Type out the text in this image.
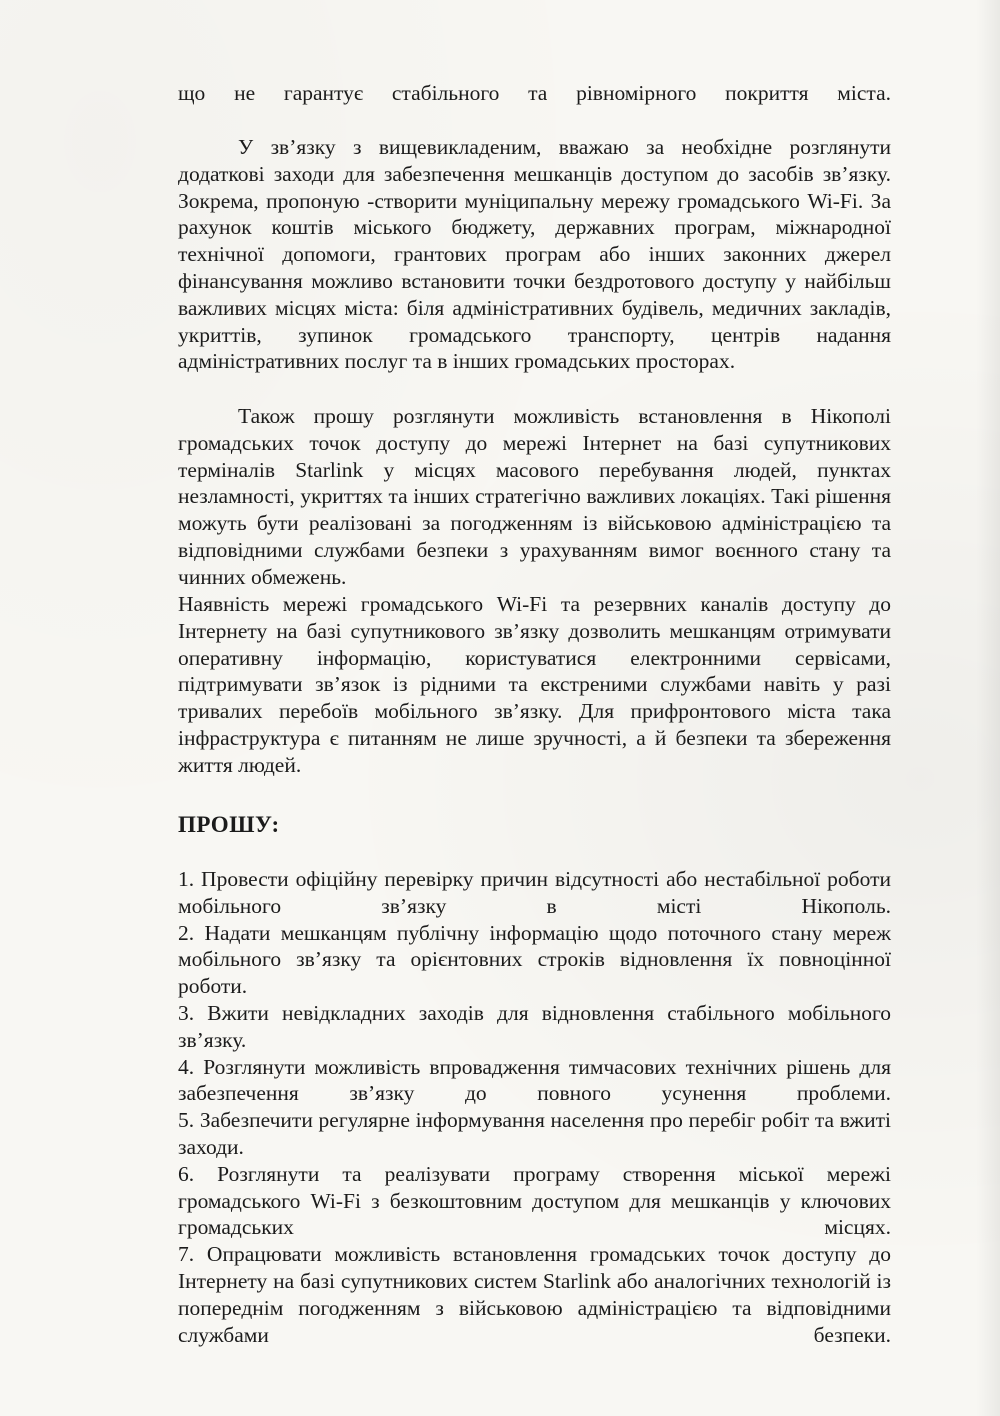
що не гарантує стабільного та рівномірного покриття міста.

У зв’язку з вищевикладеним, вважаю за необхідне розглянути додаткові заходи для забезпечення мешканців доступом до засобів зв’язку. Зокрема, пропоную -створити муніципальну мережу громадського Wi-Fi. За рахунок коштів міського бюджету, державних програм, міжнародної технічної допомоги, грантових програм або інших законних джерел фінансування можливо встановити точки бездротового доступу у найбільш важливих місцях міста: біля адміністративних будівель, медичних закладів, укриттів, зупинок громадського транспорту, центрів надання адміністративних послуг та в інших громадських просторах.

Також прошу розглянути можливість встановлення в Нікополі громадських точок доступу до мережі Інтернет на базі супутникових терміналів Starlink у місцях масового перебування людей, пунктах незламності, укриттях та інших стратегічно важливих локаціях. Такі рішення можуть бути реалізовані за погодженням із військовою адміністрацією та відповідними службами безпеки з урахуванням вимог воєнного стану та чинних обмежень.

Наявність мережі громадського Wi-Fi та резервних каналів доступу до Інтернету на базі супутникового зв’язку дозволить мешканцям отримувати оперативну інформацію, користуватися електронними сервісами, підтримувати зв’язок із рідними та екстреними службами навіть у разі тривалих перебоїв мобільного зв’язку. Для прифронтового міста така інфраструктура є питанням не лише зручності, а й безпеки та збереження життя людей.

ПРОШУ:

1. Провести офіційну перевірку причин відсутності або нестабільної роботи мобільного зв’язку в місті Нікополь.

2. Надати мешканцям публічну інформацію щодо поточного стану мереж мобільного зв’язку та орієнтовних строків відновлення їх повноцінної роботи.

3. Вжити невідкладних заходів для відновлення стабільного мобільного зв’язку.

4. Розглянути можливість впровадження тимчасових технічних рішень для забезпечення зв’язку до повного усунення проблеми.

5. Забезпечити регулярне інформування населення про перебіг робіт та вжиті заходи.

6. Розглянути та реалізувати програму створення міської мережі громадського Wi-Fi з безкоштовним доступом для мешканців у ключових громадських місцях.

7. Опрацювати можливість встановлення громадських точок доступу до Інтернету на базі супутникових систем Starlink або аналогічних технологій із попереднім погодженням з військовою адміністрацією та відповідними службами безпеки.
